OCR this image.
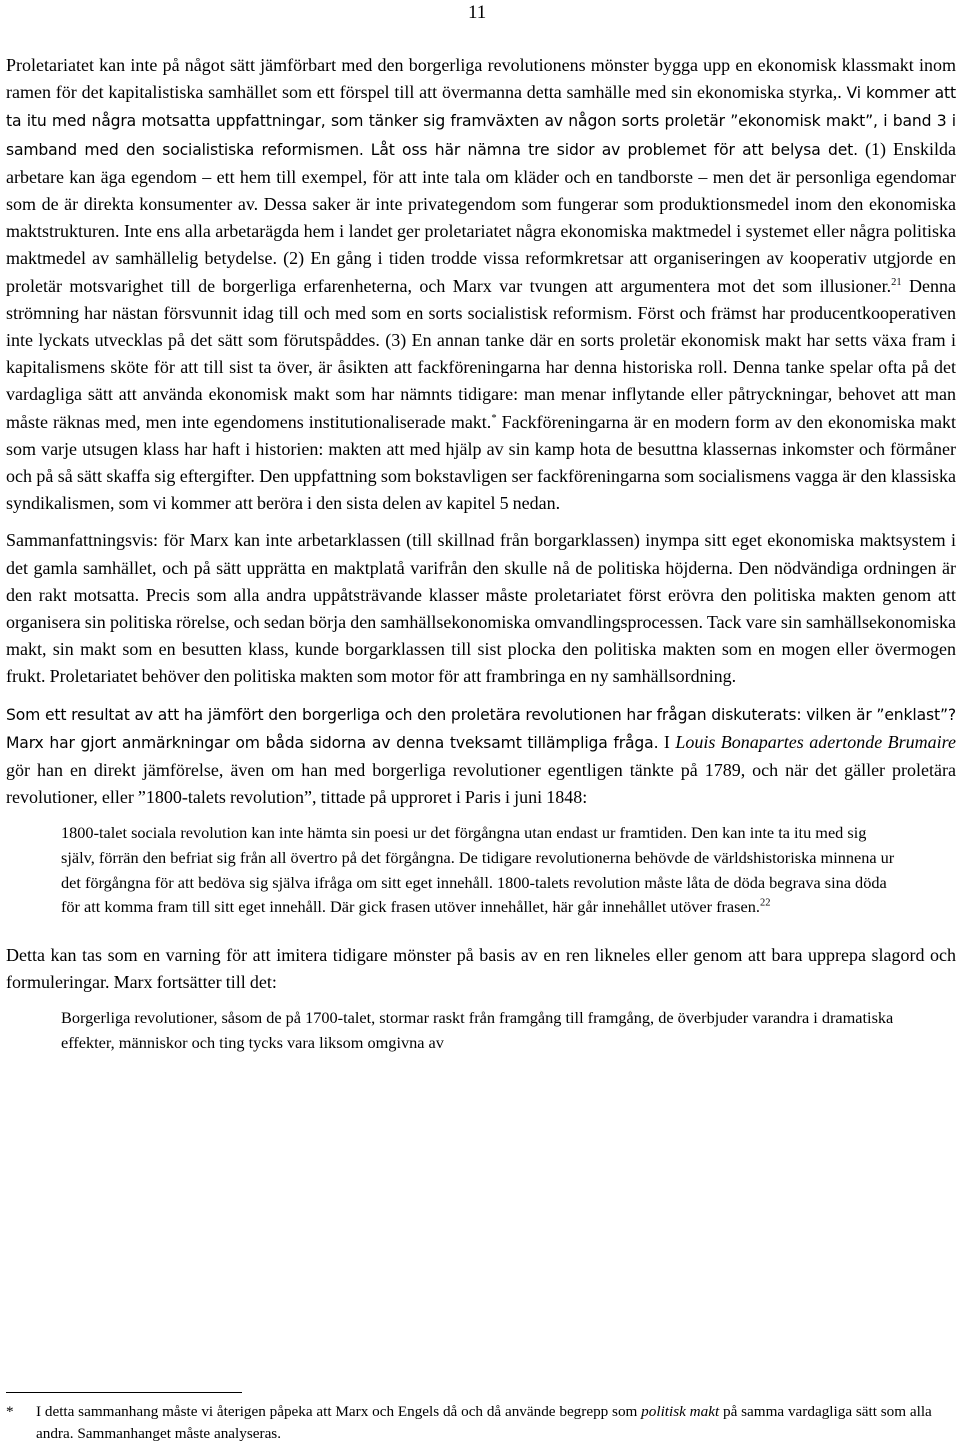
11

Proletariatet kan inte på något sätt jämförbart med den borgerliga revolutionens mönster bygga upp en ekonomisk klassmakt inom ramen för det kapitalistiska samhället som ett förspel till att övermanna detta samhälle med sin ekonomiska styrka,. Vi kommer att ta itu med några motsatta uppfattningar, som tänker sig framväxten av någon sorts proletär ”ekonomisk makt”, i band 3 i samband med den socialistiska reformismen. Låt oss här nämna tre sidor av problemet för att belysa det. (1) Enskilda arbetare kan äga egendom – ett hem till exempel, för att inte tala om kläder och en tandborste – men det är personliga egendomar som de är direkta konsumenter av. Dessa saker är inte privategendom som fungerar som produktionsmedel inom den ekonomiska maktstrukturen. Inte ens alla arbetarägda hem i landet ger proletariatet några ekonomiska maktmedel i systemet eller några politiska maktmedel av samhällelig betydelse. (2) En gång i tiden trodde vissa reformkretsar att organiseringen av kooperativ utgjorde en proletär motsvarighet till de borgerliga erfarenheterna, och Marx var tvungen att argumentera mot det som illusioner.$^{21}$ Denna strömning har nästan försvunnit idag till och med som en sorts socialistisk reformism. Först och främst har producentkooperativen inte lyckats utvecklas på det sätt som förutspåddes. (3) En annan tanke där en sorts proletär ekonomisk makt har setts växa fram i kapitalismens sköte för att till sist ta över, är åsikten att fackföreningarna har denna historiska roll. Denna tanke spelar ofta på det vardagliga sätt att använda ekonomisk makt som har nämnts tidigare: man menar inflytande eller påtryckningar, behovet att man måste räknas med, men inte egendomens institutionaliserade makt.* Fackföreningarna är en modern form av den ekonomiska makt som varje utsugen klass har haft i historien: makten att med hjälp av sin kamp hota de besuttna klassernas inkomster och förmåner och på så sätt skaffa sig eftergifter. Den uppfattning som bokstavligen ser fackföreningarna som socialismens vagga är den klassiska syndikalismen, som vi kommer att beröra i den sista delen av kapitel 5 nedan.

Sammanfattningsvis: för Marx kan inte arbetarklassen (till skillnad från borgarklassen) inympa sitt eget ekonomiska maktsystem i det gamla samhället, och på sätt upprätta en maktplatå varifrån den skulle nå de politiska höjderna. Den nödvändiga ordningen är den rakt motsatta. Precis som alla andra uppåtsträvande klasser måste proletariatet först erövra den politiska makten genom att organisera sin politiska rörelse, och sedan börja den samhällsekonomiska omvandlingsprocessen. Tack vare sin samhällsekonomiska makt, sin makt som en besutten klass, kunde borgarklassen till sist plocka den politiska makten som en mogen eller övermogen frukt. Proletariatet behöver den politiska makten som motor för att frambringa en ny samhällsordning.

Som ett resultat av att ha jämfört den borgerliga och den proletära revolutionen har frågan diskuterats: vilken är ”enklast”? Marx har gjort anmärkningar om båda sidorna av denna tveksamt tillämpliga fråga. I Louis Bonapartes adertonde Brumaire gör han en direkt jämförelse, även om han med borgerliga revolutioner egentligen tänkte på 1789, och när det gäller proletära revolutioner, eller ”1800-talets revolution”, tittade på upproret i Paris i juni 1848:

1800-talet sociala revolution kan inte hämta sin poesi ur det förgångna utan endast ur framtiden. Den kan inte ta itu med sig själv, förrän den befriat sig från all övertro på det förgångna. De tidigare revolutionerna behövde de världshistoriska minnena ur det förgångna för att bedöva sig själva ifråga om sitt eget innehåll. 1800-talets revolution måste låta de döda begrava sina döda för att komma fram till sitt eget innehåll. Där gick frasen utöver innehållet, här går innehållet utöver frasen.$^{22}$

Detta kan tas som en varning för att imitera tidigare mönster på basis av en ren likneles eller genom att bara upprepa slagord och formuleringar. Marx fortsätter till det:

Borgerliga revolutioner, såsom de på 1700-talet, stormar raskt från framgång till framgång, de överbjuder varandra i dramatiska effekter, människor och ting tycks vara liksom omgivna av

* I detta sammanhang måste vi återigen påpeka att Marx och Engels då och då använde begrepp som politisk makt på samma vardagliga sätt som alla andra. Sammanhanget måste analyseras.
